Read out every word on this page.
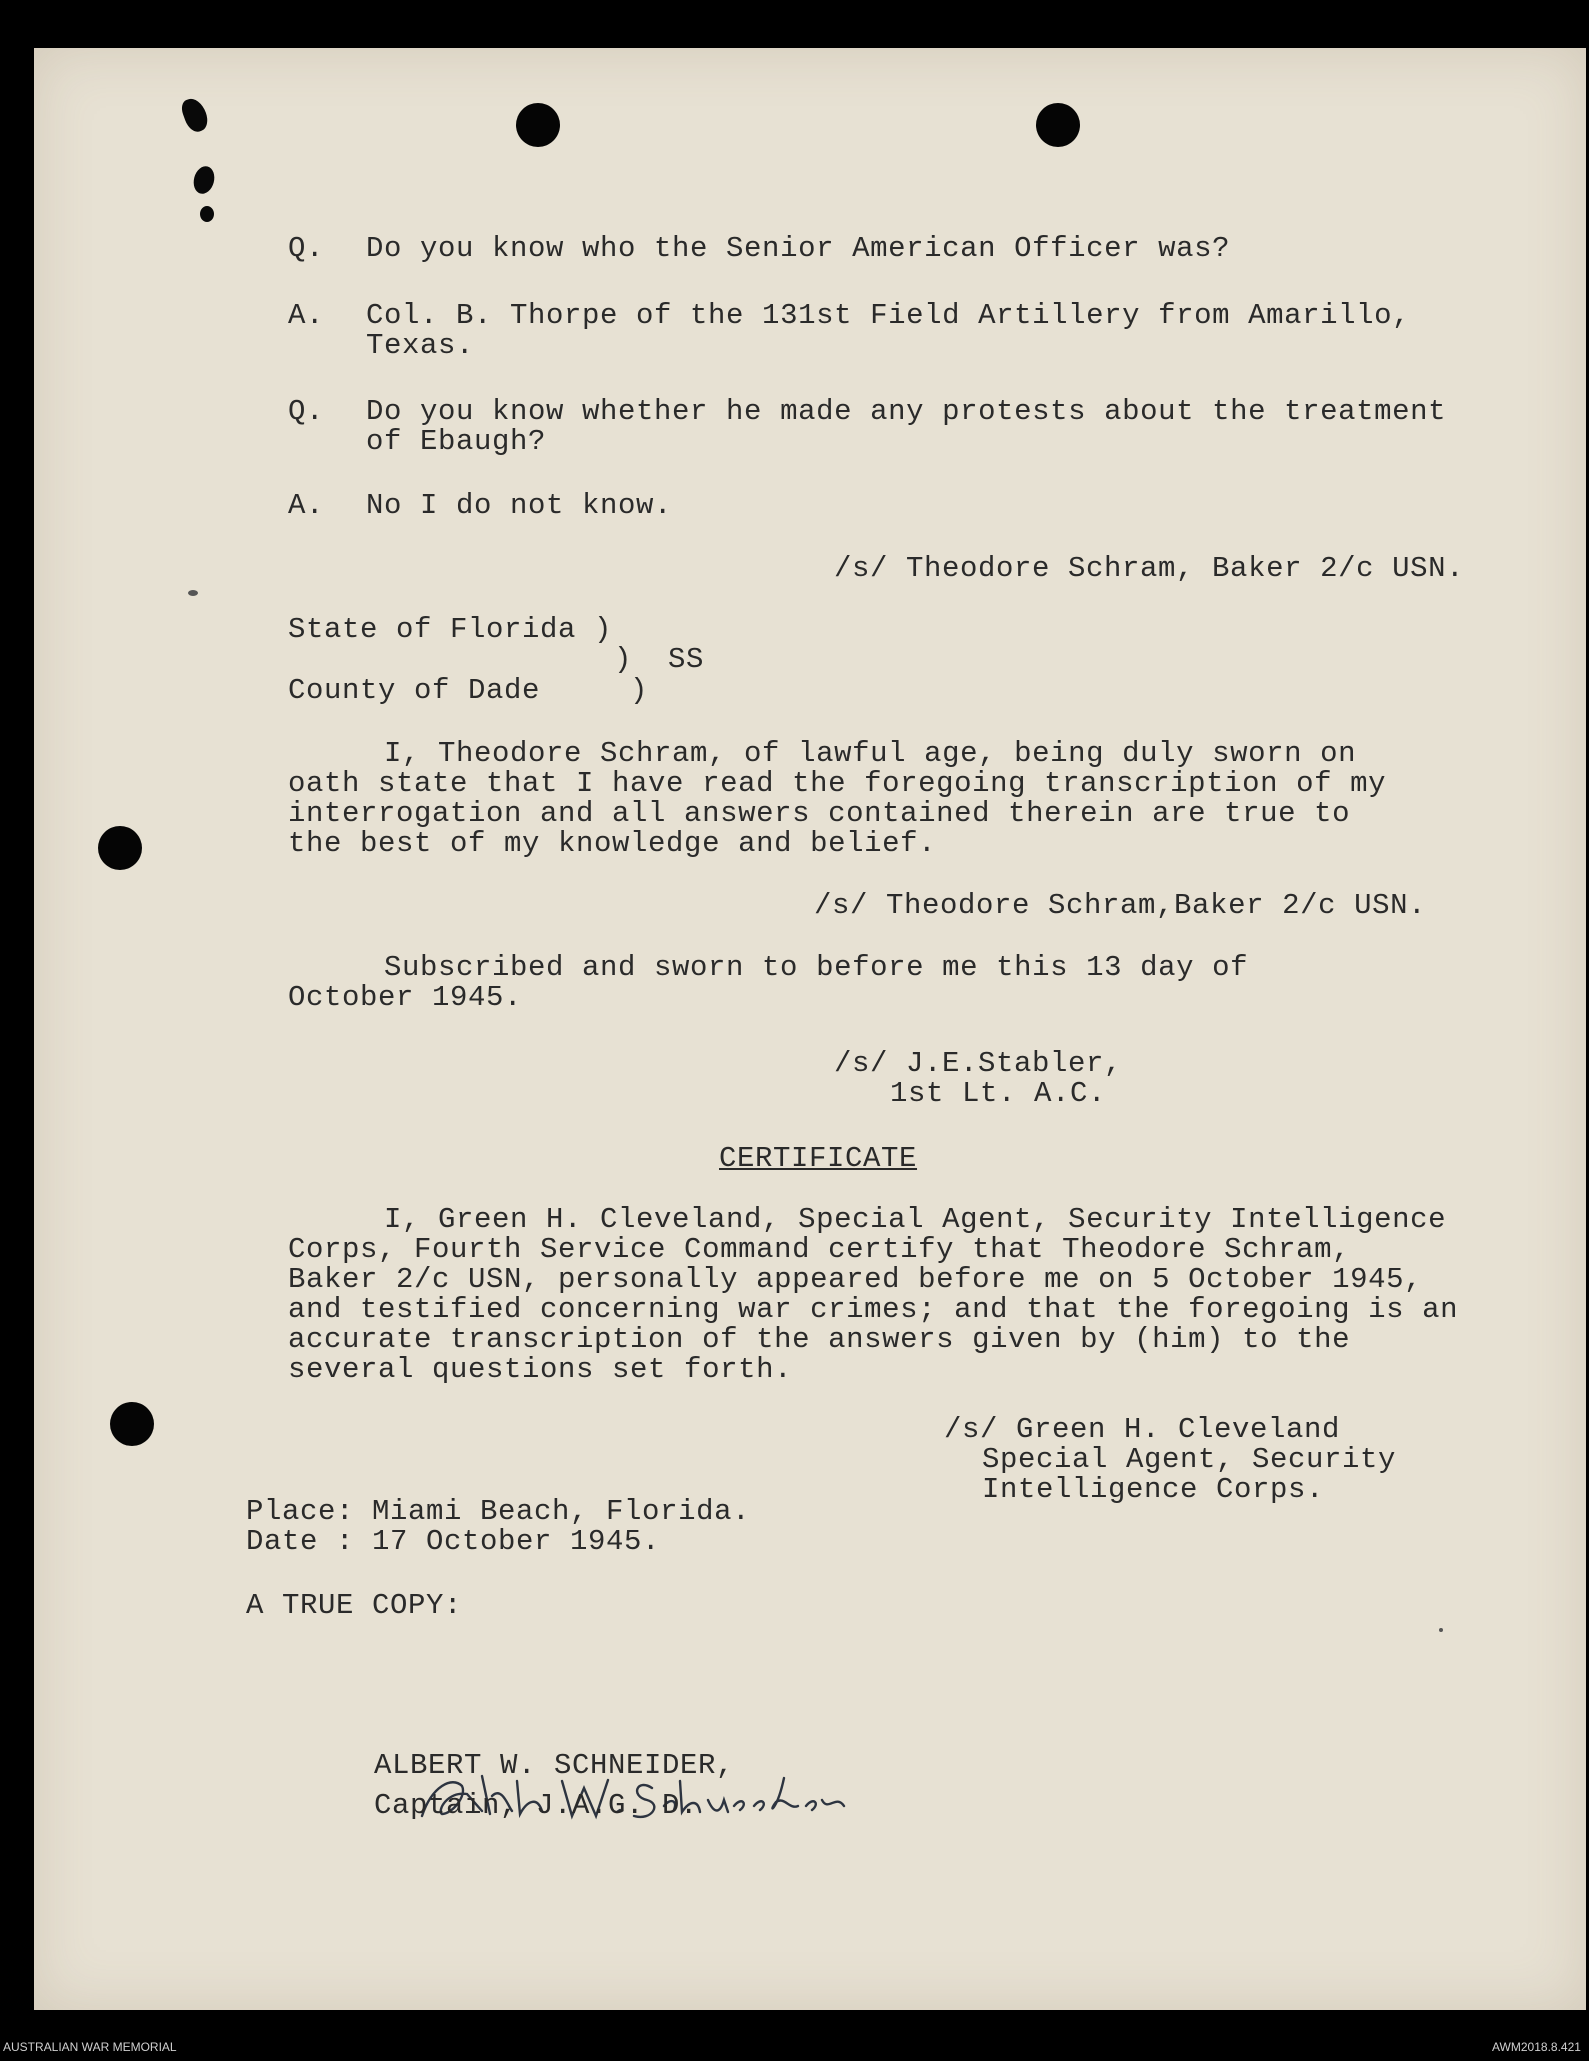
Q. Do you know who the Senior American Officer was?
A. Col. B. Thorpe of the 131st Field Artillery from Amarillo,
Texas.
Q. Do you know whether he made any protests about the treatment
of Ebaugh?
A. No I do not know.
/s/ Theodore Schram, Baker 2/c USN.
State of Florida )
)  SS
County of Dade     )
I, Theodore Schram, of lawful age, being duly sworn on
oath state that I have read the foregoing transcription of my
interrogation and all answers contained therein are true to
the best of my knowledge and belief.
/s/ Theodore Schram,Baker 2/c USN.
Subscribed and sworn to before me this 13 day of
October 1945.
/s/ J.E.Stabler,
1st Lt. A.C.
CERTIFICATE
I, Green H. Cleveland, Special Agent, Security Intelligence
Corps, Fourth Service Command certify that Theodore Schram,
Baker 2/c USN, personally appeared before me on 5 October 1945,
and testified concerning war crimes; and that the foregoing is an
accurate transcription of the answers given by (him) to the
several questions set forth.
/s/ Green H. Cleveland
Special Agent, Security
Intelligence Corps.
Place: Miami Beach, Florida.
Date : 17 October 1945.
A TRUE COPY:
ALBERT W. SCHNEIDER,
Captain, J.A.G. D.
AUSTRALIAN WAR MEMORIAL	AWM2018.8.421
